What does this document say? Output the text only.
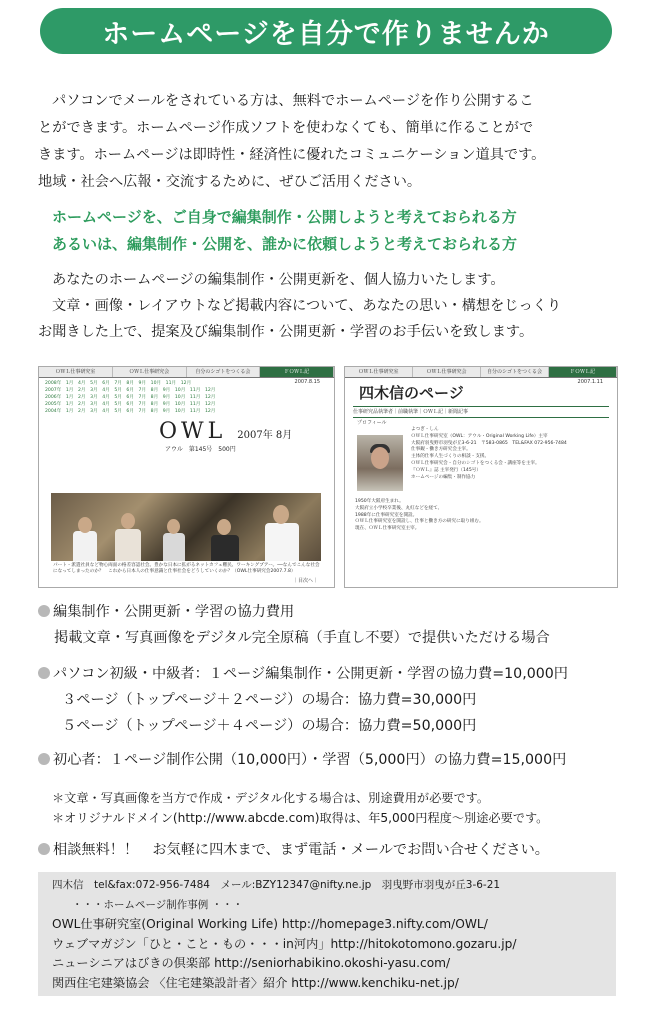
ホームページを自分で作りませんか
パソコンでメールをされている方は、無料でホームページを作り公開するこ
とができます。ホームページ作成ソフトを使わなくても、簡単に作ることがで
きます。ホームページは即時性・経済性に優れたコミュニケーション道具です。
地域・社会へ広報・交流するために、ぜひご活用ください。
ホームページを、ご自身で編集制作・公開しようと考えておられる方
あるいは、編集制作・公開を、誰かに依頼しようと考えておられる方
あなたのホームページの編集制作・公開更新を、個人協力いたします。
文章・画像・レイアウトなど掲載内容について、あなたの思い・構想をじっくり
お聞きした上で、提案及び編集制作・公開更新・学習のお手伝いを致します。
ＯＷＬ仕事研究室	ＯＷＬ仕事研究会	自分のシゴトをつくる会	ＦＯＷＬ記
2007.8.15
2008年　1月　4月　5月　6月　7月　8月　9月　10月　11月　12月
2007年　1月　2月　3月　4月　5月　6月　7月　8月　9月　10月　11月　12月
2006年　1月　2月　3月　4月　5月　6月　7月　8月　9月　10月　11月　12月
2005年　1月　2月　3月　4月　5月　6月　7月　8月　9月　10月　11月　12月
2004年　1月　2月　3月　4月　5月　6月　7月　8月　9月　10月　11月　12月
OWL 2007年 8月
アウル　第145号　500円
パート・派遣社員など物心両面の格差容認社会。豊かな日本に拡がるネットカフェ難民、ワーキングプアー。──なんでこんな社会になってしまったのか？　これから日本人の仕事意識と仕事社会をどうしていくのか？（OWL仕事研究会2007.7.8）
｜目次へ｜
ＯＷＬ仕事研究室	ＯＷＬ仕事研究会	自分のシゴトをつくる会	ＦＯＷＬ記
2007.1.11
四木信のページ
仕事研究品執筆者｜前職執筆｜ＯＷＬ記｜新聞記事
プロフィール
よつぎ・しん
ＯＷＬ仕事研究室（OWL：アウル・Original Working Life）主宰
大阪府羽曳野市羽曳が丘3-6-21　〒583-0865　TEL&FAX 072-956-7484
仕事観・働き方研究会主宰。
主体的仕事人生づくりの相談・支援。
ＯＷＬ仕事研究会・自分のシゴトをつくる会・講座等を主宰。
『ＯＷＬ』誌 主宰発行（145号）
ホームページの編集・制作協力
1950年大阪府生まれ。
大阪府立小学校卒業後、丸紅などを経て、
1988年に仕事研究室を開設。
ＯＷＬ仕事研究室を開設し、仕事と働き方の研究に取り組む。
現在、ＯＷＬ仕事研究室主宰。
編集制作・公開更新・学習の協力費用
掲載文章・写真画像をデジタル完全原稿（手直し不要）で提供いただける場合
パソコン初級・中級者：１ページ編集制作・公開更新・学習の協力費=10,000円
３ページ（トップページ＋２ページ）の場合：協力費=30,000円
５ページ（トップページ＋４ページ）の場合：協力費=50,000円
初心者：１ページ制作公開（10,000円）・学習（5,000円）の協力費=15,000円
＊文章・写真画像を当方で作成・デジタル化する場合は、別途費用が必要です。
＊オリジナルドメイン(http://www.abcde.com)取得は、年5,000円程度～別途必要です。
相談無料！！　お気軽に四木まで、まず電話・メールでお問い合せください。
四木信　tel&fax:072-956-7484　メール:BZY12347@nifty.ne.jp　羽曳野市羽曳が丘3-6-21
・・・ホームページ制作事例 ・・・
OWL仕事研究室(Original Working Life) http://homepage3.nifty.com/OWL/
ウェブマガジン「ひと・こと・もの・・・in河内」http://hitokotomono.gozaru.jp/
ニューシニアはびきの倶楽部 http://seniorhabikino.okoshi-yasu.com/
関西住宅建築協会 〈住宅建築設計者〉紹介 http://www.kenchiku-net.jp/
